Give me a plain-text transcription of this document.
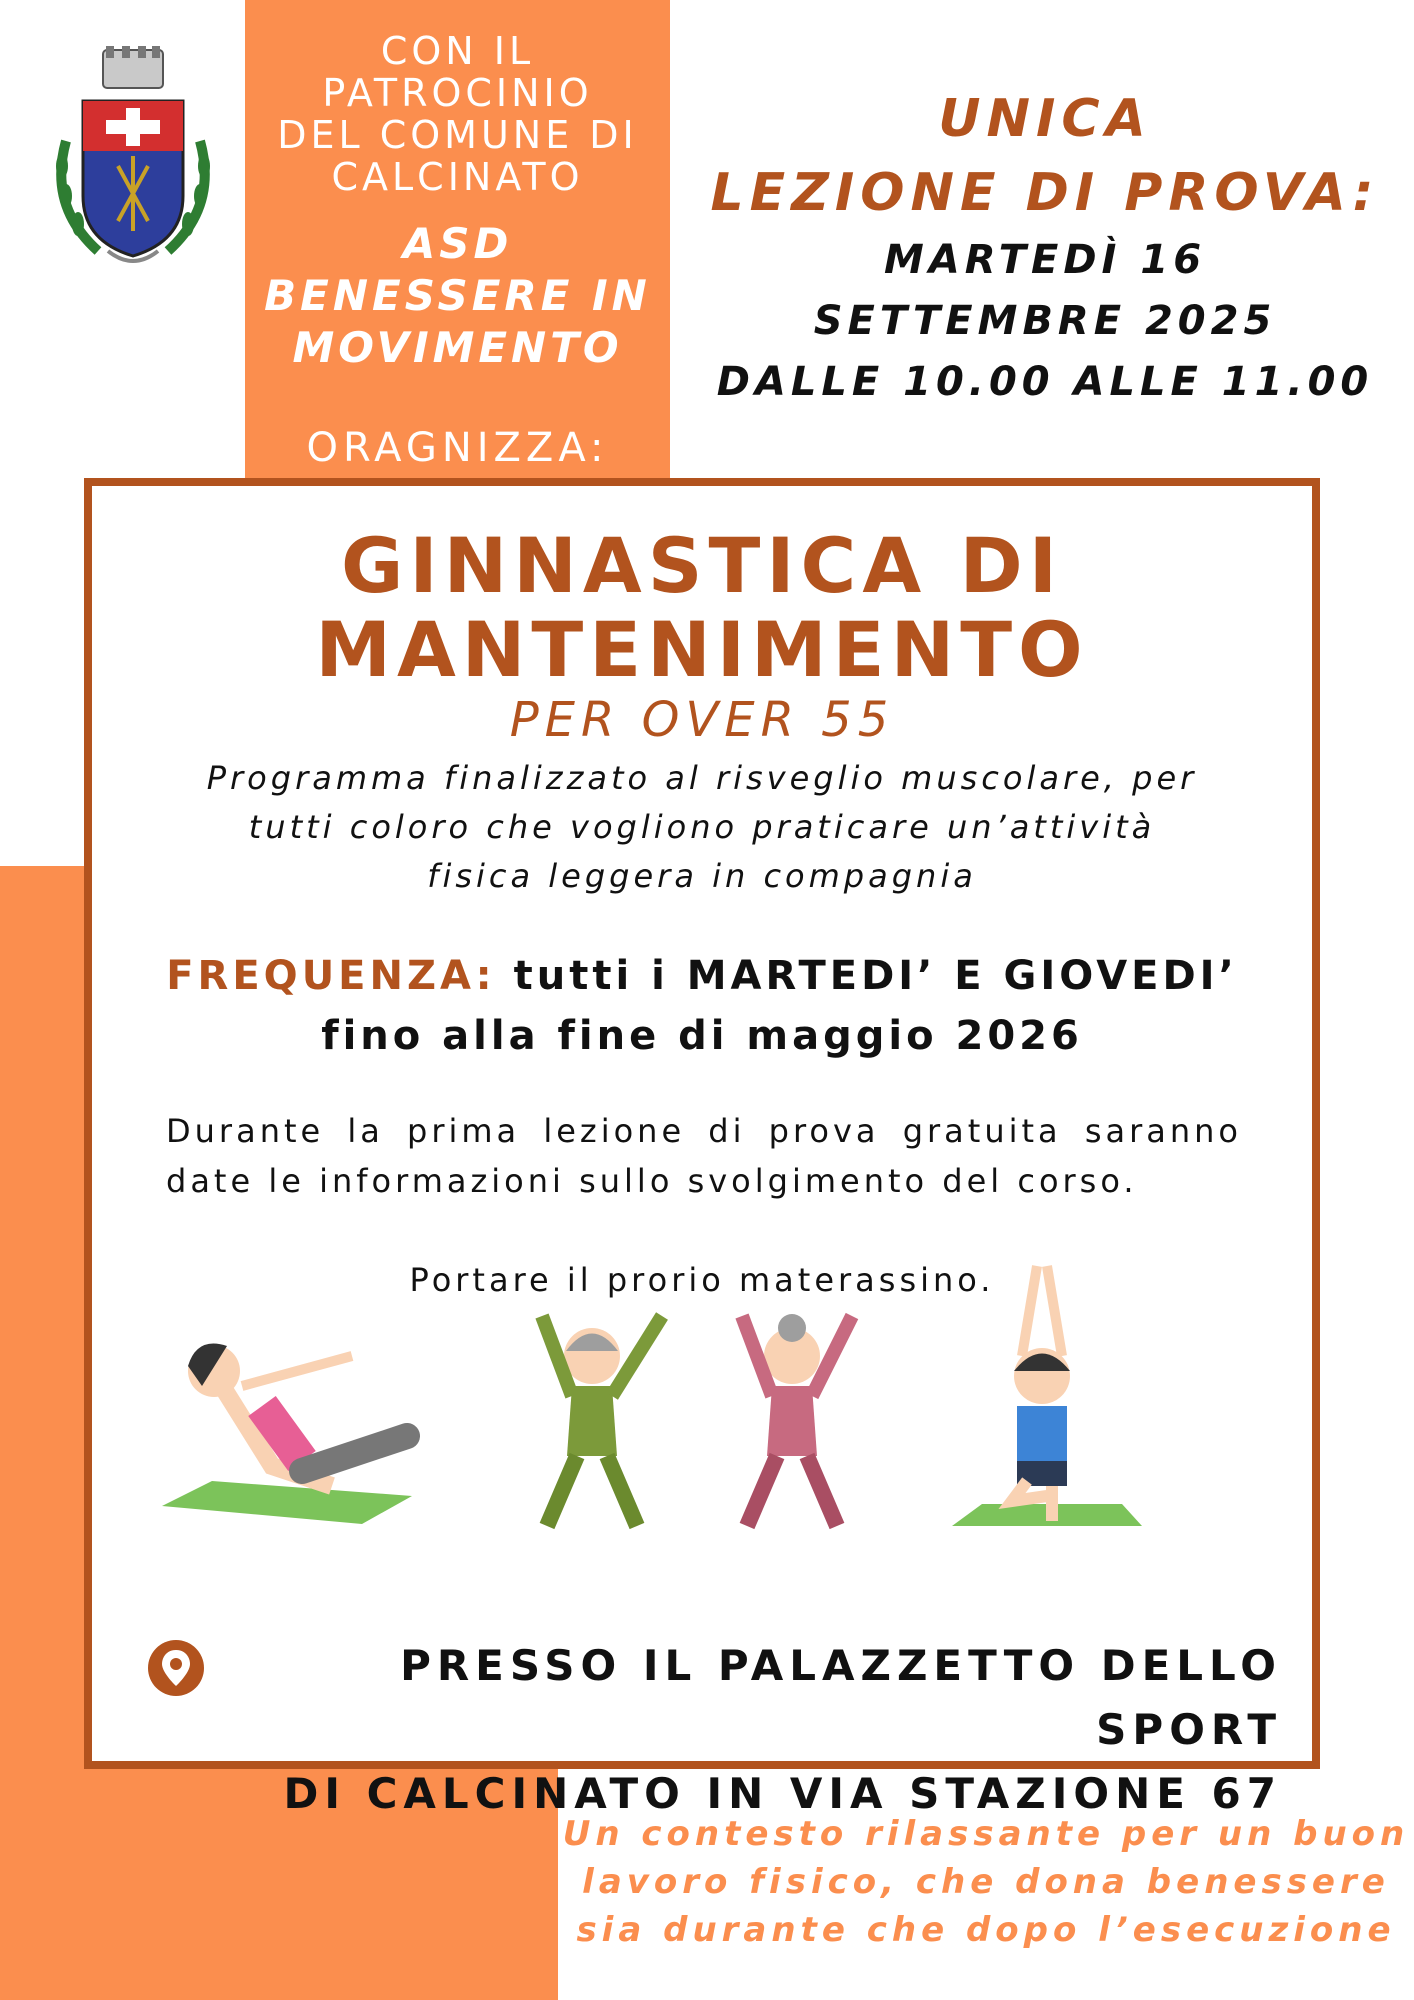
CON IL
PATROCINIO
DEL COMUNE DI
CALCINATO
ASD
BENESSERE IN
MOVIMENTO
ORAGNIZZA:
UNICA
LEZIONE DI PROVA:
MARTEDÌ 16
SETTEMBRE 2025
DALLE 10.00 ALLE 11.00
GINNASTICA DI
MANTENIMENTO
PER OVER 55
Programma finalizzato al risveglio muscolare, per
tutti coloro che vogliono praticare un’attività
fisica leggera in compagnia
FREQUENZA: tutti i MARTEDI’ E GIOVEDI’
fino alla fine di maggio 2026
Durante la prima lezione di prova gratuita saranno date le informazioni sullo svolgimento del corso.
Portare il prorio materassino.
PRESSO IL PALAZZETTO DELLO SPORT
DI CALCINATO IN VIA STAZIONE 67
Un contesto rilassante per un buon
lavoro fisico, che dona benessere
sia durante che dopo l’esecuzione
